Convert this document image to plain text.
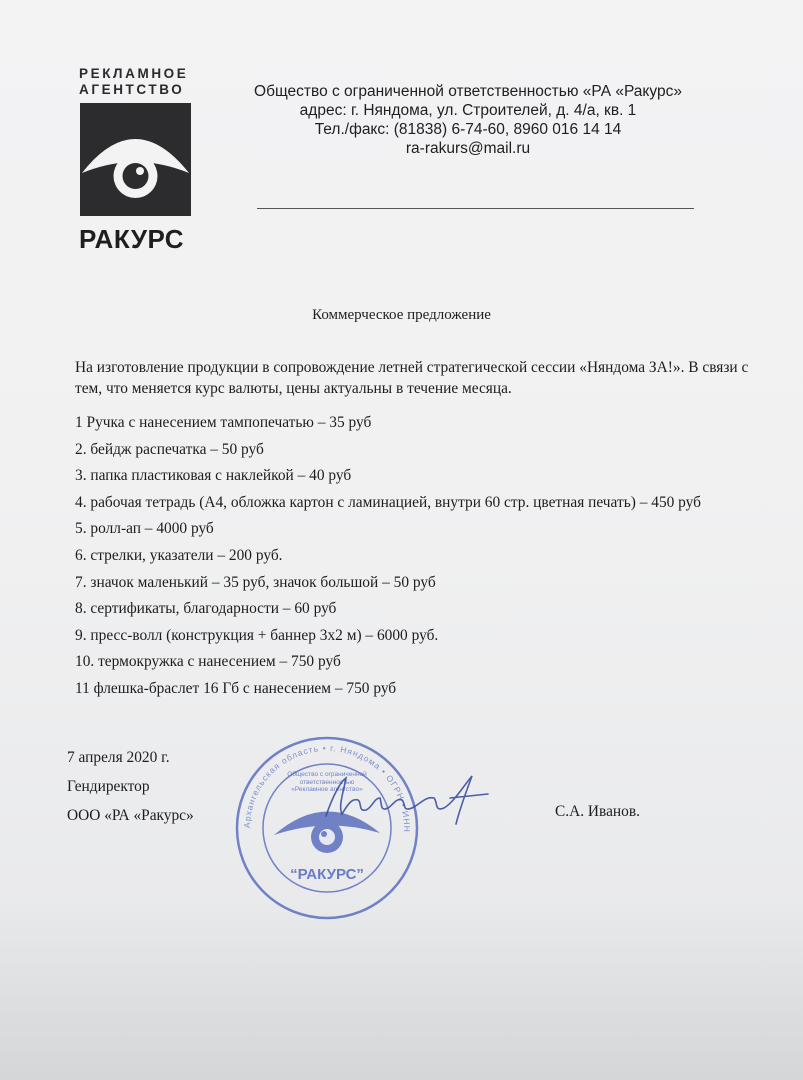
РЕКЛАМНОЕ
АГЕНТСТВО
РАКУРС
Общество с ограниченной ответственностью «РА «Ракурс»
адрес: г. Няндома, ул. Строителей, д. 4/а, кв. 1
Тел./факс: (81838) 6-74-60, 8960 016 14 14
ra-rakurs@mail.ru
Коммерческое предложение
На изготовление продукции в сопровождение летней стратегической сессии «Няндома ЗА!». В связи с тем, что меняется курс валюты, цены актуальны в течение месяца.
1 Ручка с нанесением тампопечатью – 35 руб
2. бейдж распечатка – 50 руб
3. папка пластиковая с наклейкой – 40 руб
4. рабочая тетрадь (А4, обложка картон с ламинацией, внутри 60 стр. цветная печать) – 450 руб
5. ролл-ап – 4000 руб
6. стрелки, указатели – 200 руб.
7. значок маленький – 35 руб, значок большой – 50 руб
8. сертификаты, благодарности – 60 руб
9. пресс-волл (конструкция + баннер 3х2 м) – 6000 руб.
10. термокружка с нанесением – 750 руб
11 флешка-браслет 16 Гб с нанесением – 750 руб
7 апреля 2020 г.
Гендиректор
ООО «РА «Ракурс»
Архангельская область • г. Няндома • ОГРН • ИНН
Общество с ограниченной ответственностью «Рекламное агентство»
“РАКУРС”
С.А. Иванов.
